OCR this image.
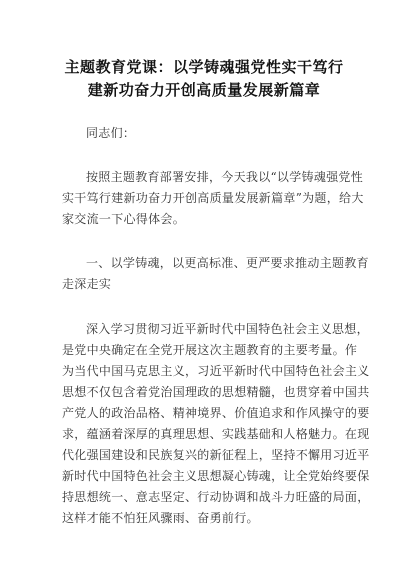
主题教育党课：以学铸魂强党性实干笃行
建新功奋力开创高质量发展新篇章
同志们：
按照主题教育部署安排，今天我以“以学铸魂强党性
实干笃行建新功奋力开创高质量发展新篇章”为题，给大
家交流一下心得体会。
一、以学铸魂，以更高标准、更严要求推动主题教育
走深走实
深入学习贯彻习近平新时代中国特色社会主义思想，
是党中央确定在全党开展这次主题教育的主要考量。作
为当代中国马克思主义，习近平新时代中国特色社会主义
思想不仅包含着党治国理政的思想精髓，也贯穿着中国共
产党人的政治品格、精神境界、价值追求和作风操守的要
求，蕴涵着深厚的真理思想、实践基础和人格魅力。在现
代化强国建设和民族复兴的新征程上，坚持不懈用习近平
新时代中国特色社会主义思想凝心铸魂，让全党始终要保
持思想统一、意志坚定、行动协调和战斗力旺盛的局面，
这样才能不怕狂风骤雨、奋勇前行。
